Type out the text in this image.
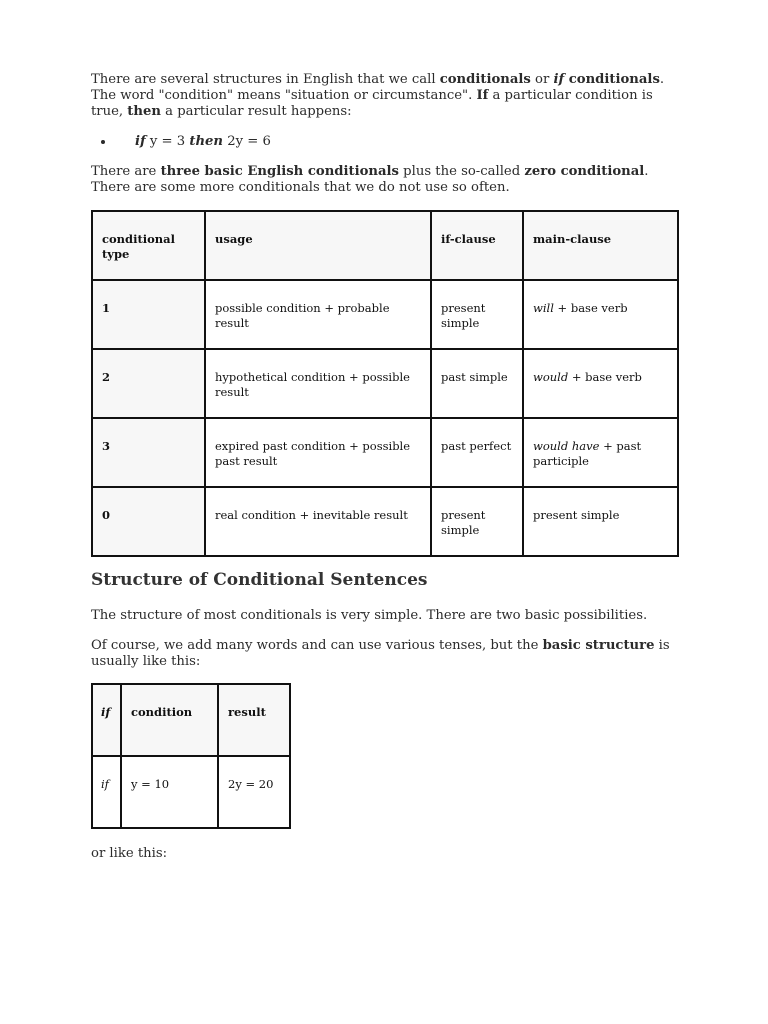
There are several structures in English that we call conditionals or if conditionals. The word "condition" means "situation or circumstance". If a particular condition is true, then a particular result happens:

• if y = 3 then 2y = 6

There are three basic English conditionals plus the so-called zero conditional. There are some more conditionals that we do not use so often.

conditional type	usage	if-clause	main-clause
1	possible condition + probable result	present simple	will + base verb
2	hypothetical condition + possible result	past simple	would + base verb
3	expired past condition + possible past result	past perfect	would have + past participle
0	real condition + inevitable result	present simple	present simple
Structure of Conditional Sentences

The structure of most conditionals is very simple. There are two basic possibilities.

Of course, we add many words and can use various tenses, but the basic structure is usually like this:

if	condition	result
if	y = 10	2y = 20

or like this:
